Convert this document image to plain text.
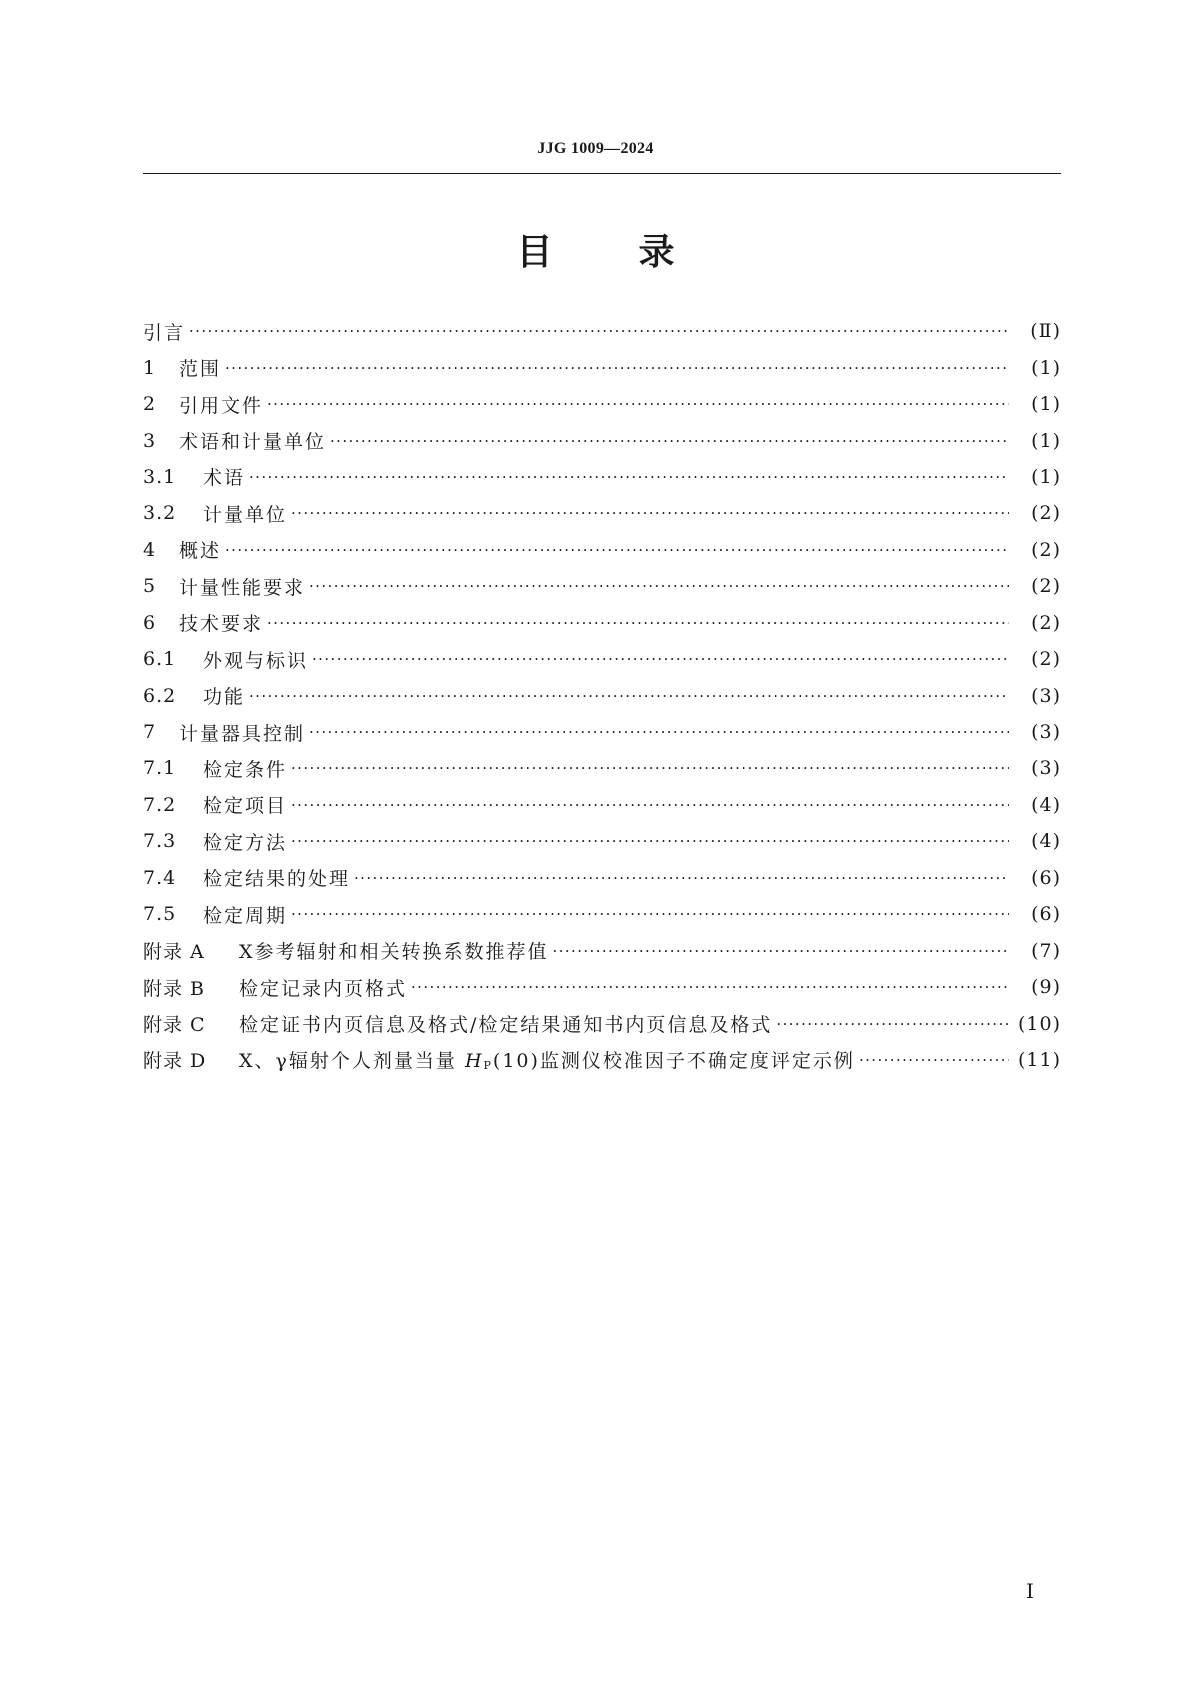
JJG 1009—2024
目录
引言 ·····	(Ⅱ)
1	范围 ·····	(1)
2	引用文件 ·····	(1)
3	术语和计量单位 ·····	(1)
3.1	术语 ·····	(1)
3.2	计量单位 ·····	(2)
4	概述 ·····	(2)
5	计量性能要求 ·····	(2)
6	技术要求 ·····	(2)
6.1	外观与标识 ·····	(2)
6.2	功能 ·····	(3)
7	计量器具控制 ·····	(3)
7.1	检定条件 ·····	(3)
7.2	检定项目 ·····	(4)
7.3	检定方法 ·····	(4)
7.4	检定结果的处理 ·····	(6)
7.5	检定周期 ·····	(6)
附录 A	X参考辐射和相关转换系数推荐值 ·····	(7)
附录 B	检定记录内页格式 ·····	(9)
附录 C	检定证书内页信息及格式/检定结果通知书内页信息及格式 ·····	(10)
附录 D	X、γ辐射个人剂量当量 HP(10)监测仪校准因子不确定度评定示例 ·····	(11)
Ⅰ
